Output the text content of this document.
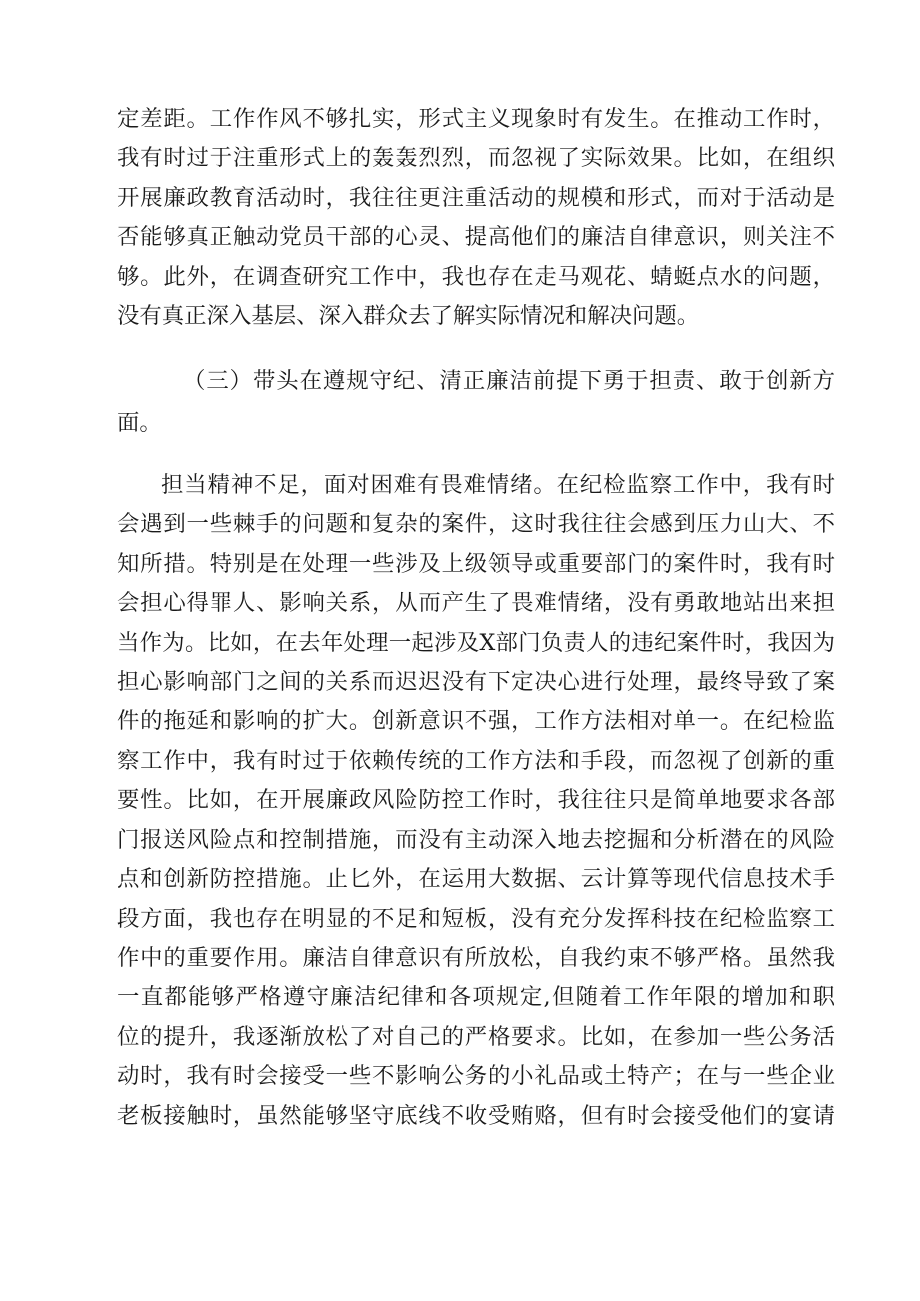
定差距。工作作风不够扎实，形式主义现象时有发生。在推动工作时，
我有时过于注重形式上的轰轰烈烈，而忽视了实际效果。比如，在组织
开展廉政教育活动时，我往往更注重活动的规模和形式，而对于活动是
否能够真正触动党员干部的心灵、提高他们的廉洁自律意识，则关注不
够。此外，在调查研究工作中，我也存在走马观花、蜻蜓点水的问题，
没有真正深入基层、深入群众去了解实际情况和解决问题。
（三）带头在遵规守纪、清正廉洁前提下勇于担责、敢于创新方
面。
担当精神不足，面对困难有畏难情绪。在纪检监察工作中，我有时
会遇到一些棘手的问题和复杂的案件，这时我往往会感到压力山大、不
知所措。特别是在处理一些涉及上级领导或重要部门的案件时，我有时
会担心得罪人、影响关系，从而产生了畏难情绪，没有勇敢地站出来担
当作为。比如，在去年处理一起涉及X部门负责人的违纪案件时，我因为
担心影响部门之间的关系而迟迟没有下定决心进行处理，最终导致了案
件的拖延和影响的扩大。创新意识不强，工作方法相对单一。在纪检监
察工作中，我有时过于依赖传统的工作方法和手段，而忽视了创新的重
要性。比如，在开展廉政风险防控工作时，我往往只是简单地要求各部
门报送风险点和控制措施，而没有主动深入地去挖掘和分析潜在的风险
点和创新防控措施。止匕外，在运用大数据、云计算等现代信息技术手
段方面，我也存在明显的不足和短板，没有充分发挥科技在纪检监察工
作中的重要作用。廉洁自律意识有所放松，自我约束不够严格。虽然我
一直都能够严格遵守廉洁纪律和各项规定,但随着工作年限的增加和职
位的提升，我逐渐放松了对自己的严格要求。比如，在参加一些公务活
动时，我有时会接受一些不影响公务的小礼品或土特产；在与一些企业
老板接触时，虽然能够坚守底线不收受贿赂，但有时会接受他们的宴请
